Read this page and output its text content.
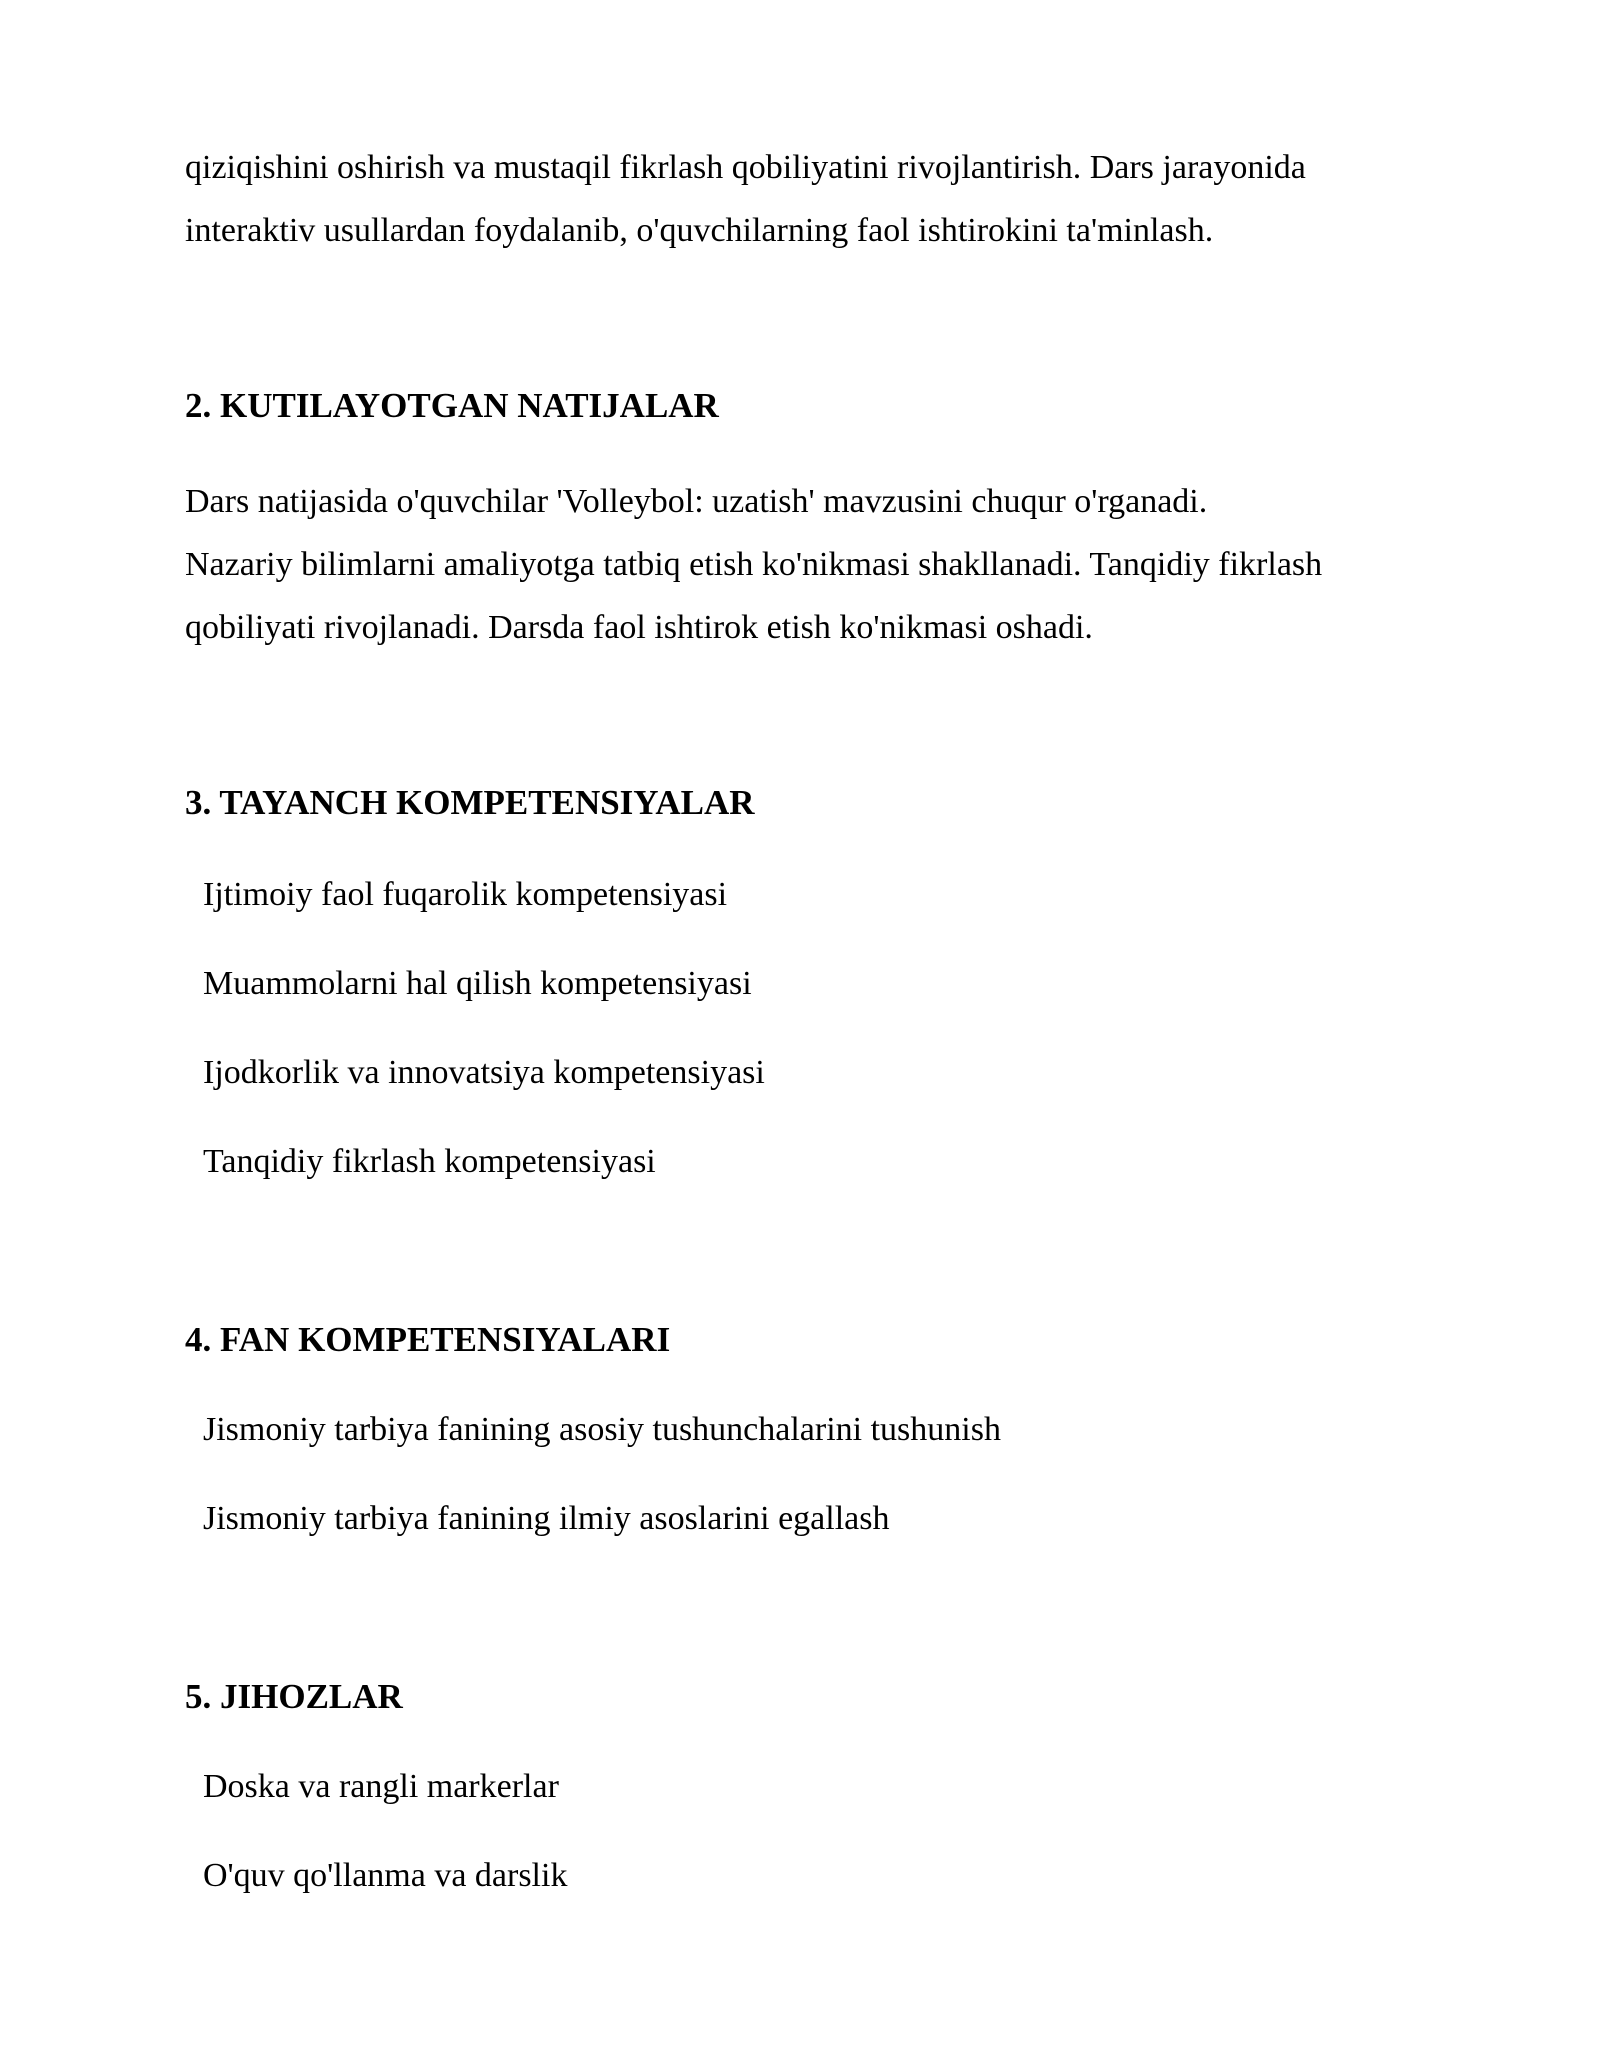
qiziqishini oshirish va mustaqil fikrlash qobiliyatini rivojlantirish. Dars jarayonida
interaktiv usullardan foydalanib, o'quvchilarning faol ishtirokini ta'minlash.

2. KUTILAYOTGAN NATIJALAR

Dars natijasida o'quvchilar 'Volleybol: uzatish' mavzusini chuqur o'rganadi.
Nazariy bilimlarni amaliyotga tatbiq etish ko'nikmasi shakllanadi. Tanqidiy fikrlash
qobiliyati rivojlanadi. Darsda faol ishtirok etish ko'nikmasi oshadi.

3. TAYANCH KOMPETENSIYALAR

Ijtimoiy faol fuqarolik kompetensiyasi

Muammolarni hal qilish kompetensiyasi

Ijodkorlik va innovatsiya kompetensiyasi

Tanqidiy fikrlash kompetensiyasi

4. FAN KOMPETENSIYALARI

Jismoniy tarbiya fanining asosiy tushunchalarini tushunish

Jismoniy tarbiya fanining ilmiy asoslarini egallash

5. JIHOZLAR

Doska va rangli markerlar

O'quv qo'llanma va darslik
